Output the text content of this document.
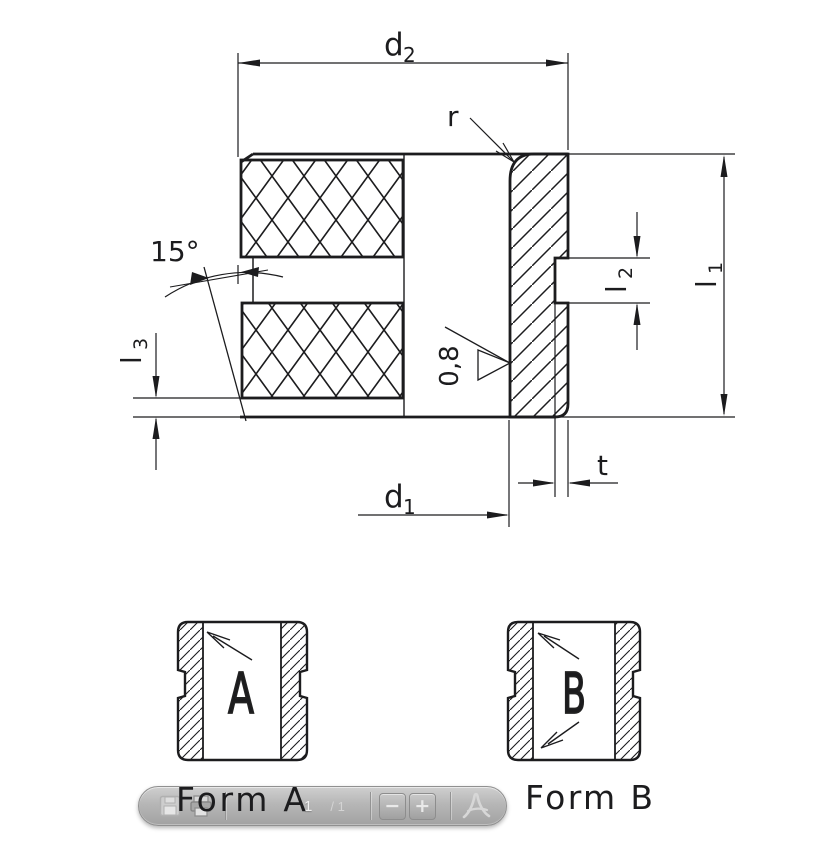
1 / 1 − +
d 2
r
15°
l
3
l
2
l
1
t
d 1
0,8
A	B
Form A	Form B
